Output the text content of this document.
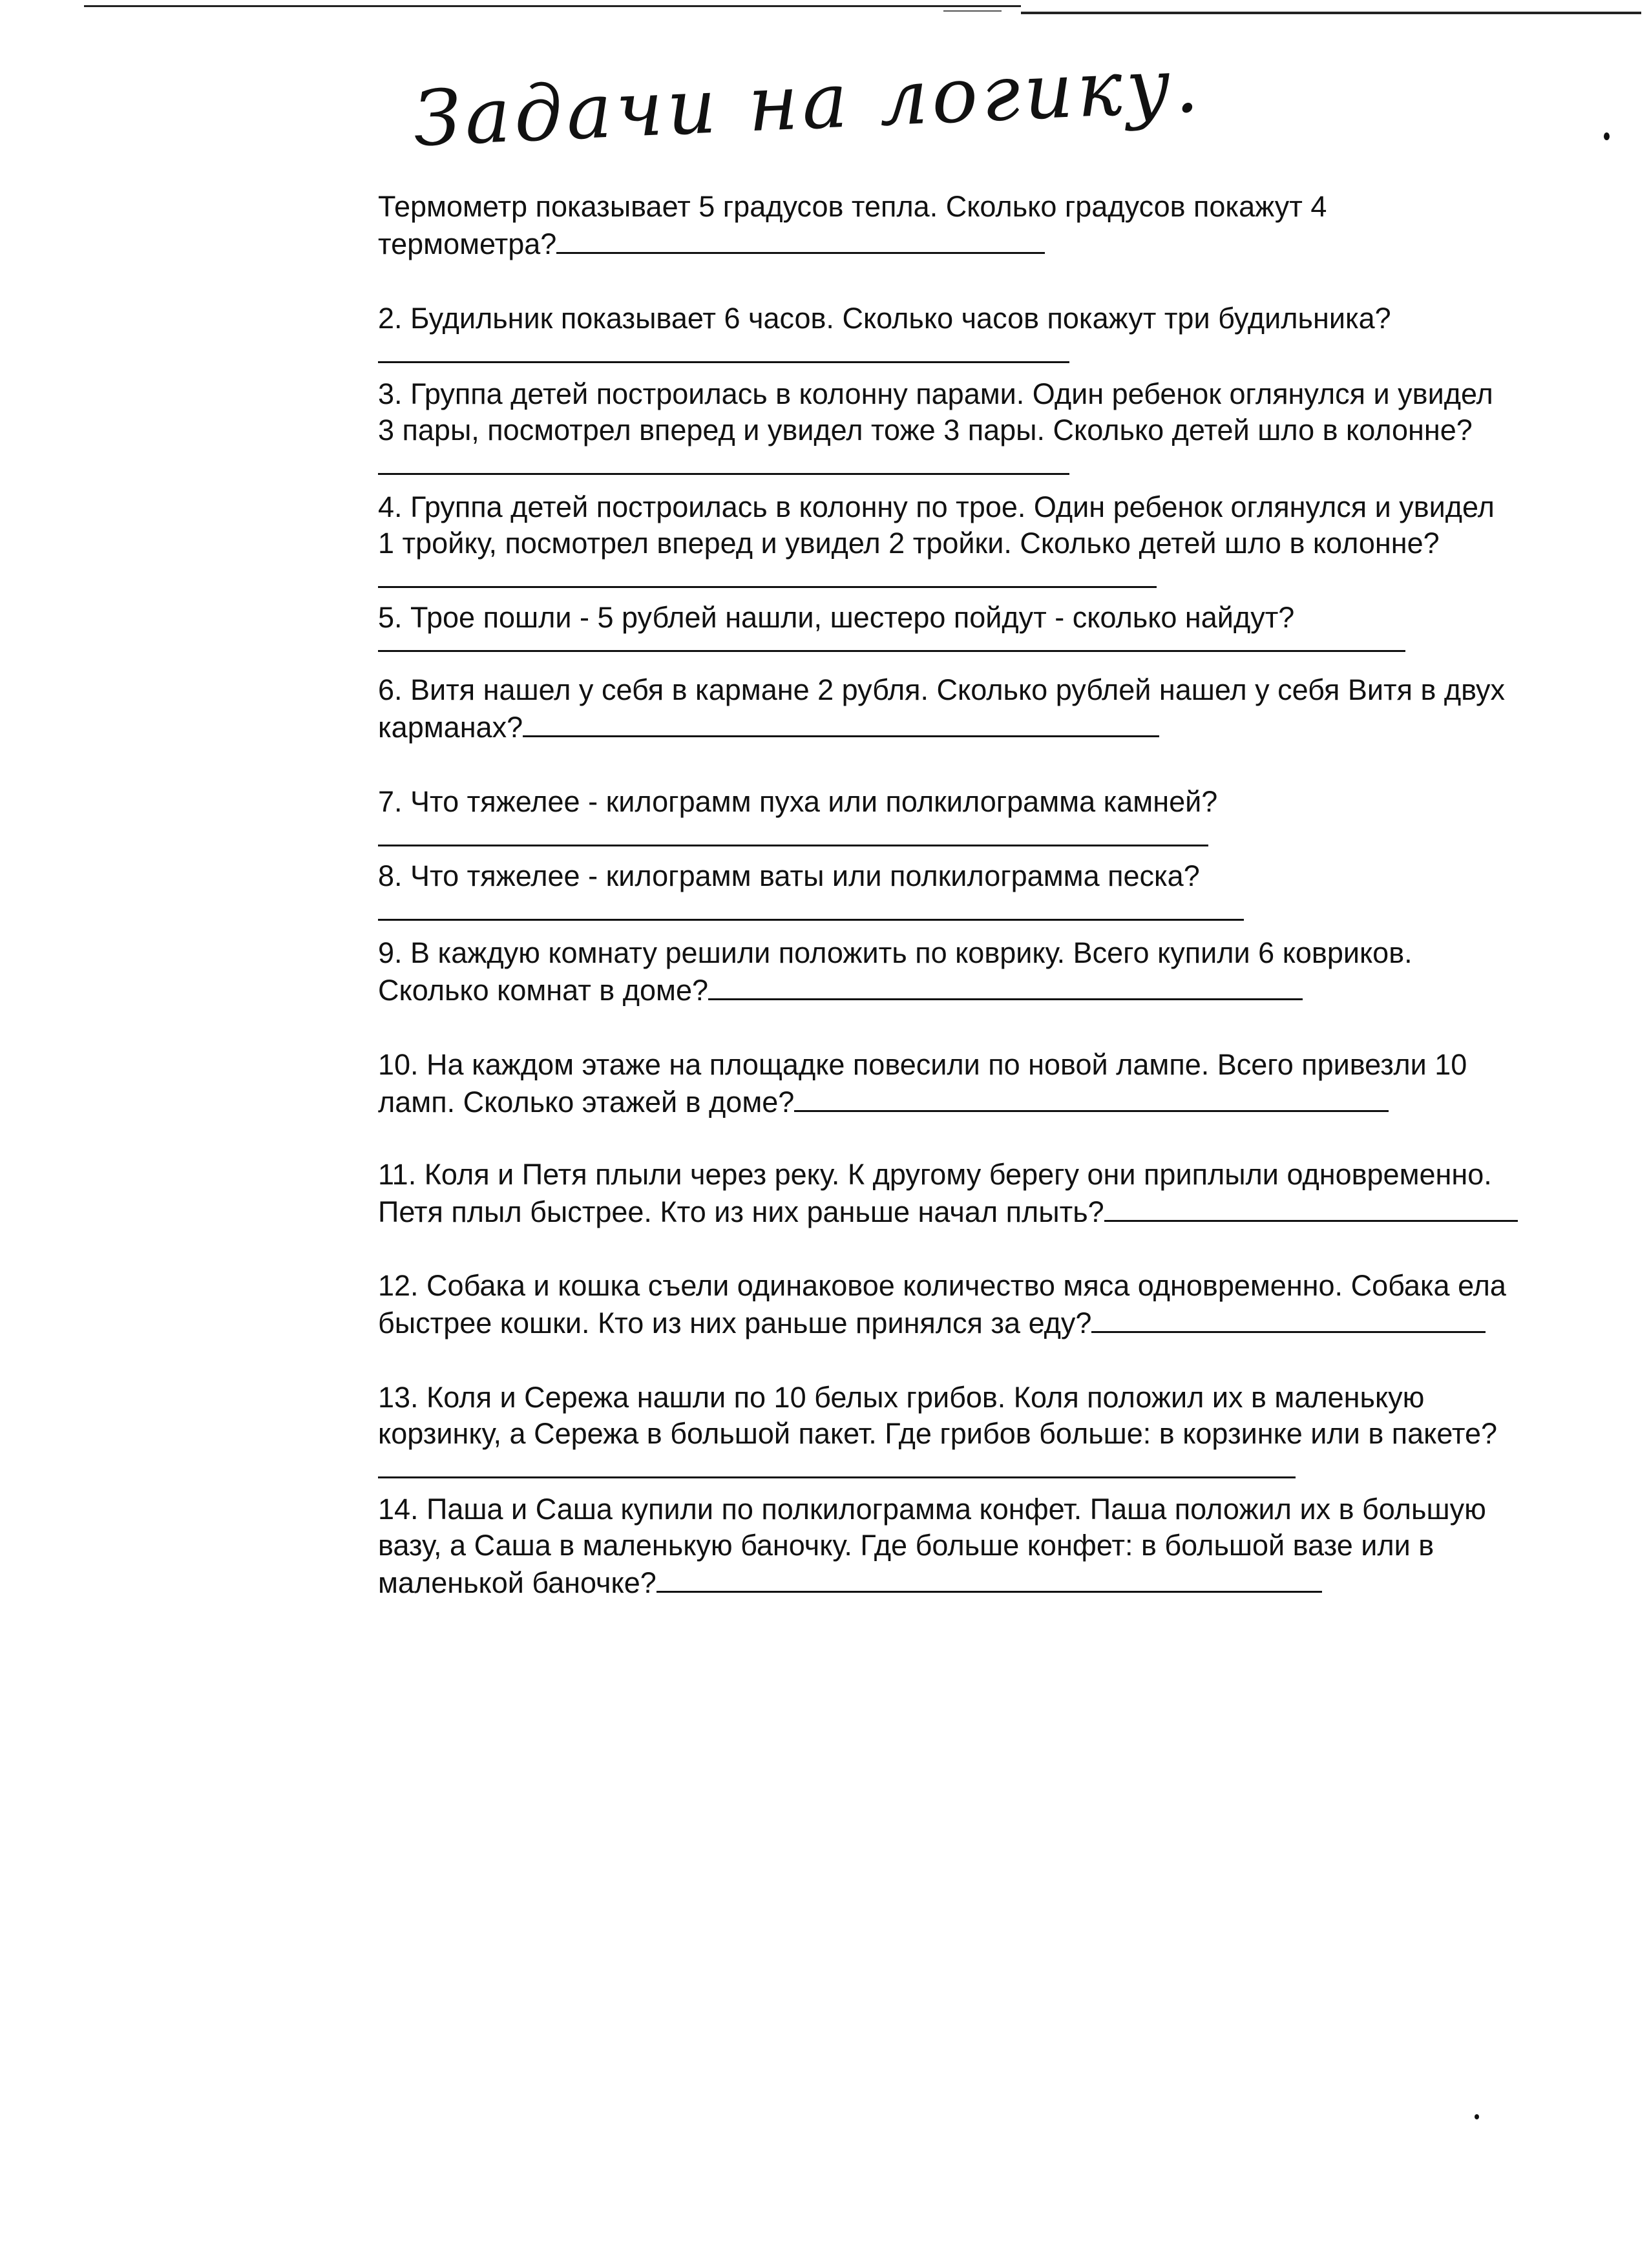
Задачи на логику.
Термометр показывает 5 градусов тепла. Сколько градусов покажут 4
термометра?
2. Будильник показывает 6 часов. Сколько часов покажут три будильника?
3. Группа детей построилась в колонну парами. Один ребенок оглянулся и увидел
3 пары, посмотрел вперед и увидел тоже 3 пары. Сколько детей шло в колонне?
4. Группа детей построилась в колонну по трое. Один ребенок оглянулся и увидел
1 тройку, посмотрел вперед и увидел 2 тройки. Сколько детей шло в колонне?
5. Трое пошли - 5 рублей нашли, шестеро пойдут - сколько найдут?
6. Витя нашел у себя в кармане 2 рубля. Сколько рублей нашел у себя Витя в двух
карманах?
7. Что тяжелее - килограмм пуха или полкилограмма камней?
8. Что тяжелее - килограмм ваты или полкилограмма песка?
9. В каждую комнату решили положить по коврику. Всего купили 6 ковриков.
Сколько комнат в доме?
10. На каждом этаже на площадке повесили по новой лампе. Всего привезли 10
ламп. Сколько этажей в доме?
11. Коля и Петя плыли через реку. К другому берегу они приплыли одновременно.
Петя плыл быстрее. Кто из них раньше начал плыть?
12. Собака и кошка съели одинаковое количество мяса одновременно. Собака ела
быстрее кошки. Кто из них раньше принялся за еду?
13. Коля и Сережа нашли по 10 белых грибов. Коля положил их в маленькую
корзинку, а Сережа в большой пакет. Где грибов больше: в корзинке или в пакете?
14. Паша и Саша купили по полкилограмма конфет. Паша положил их в большую
вазу, а Саша в маленькую баночку. Где больше конфет: в большой вазе или в
маленькой баночке?
